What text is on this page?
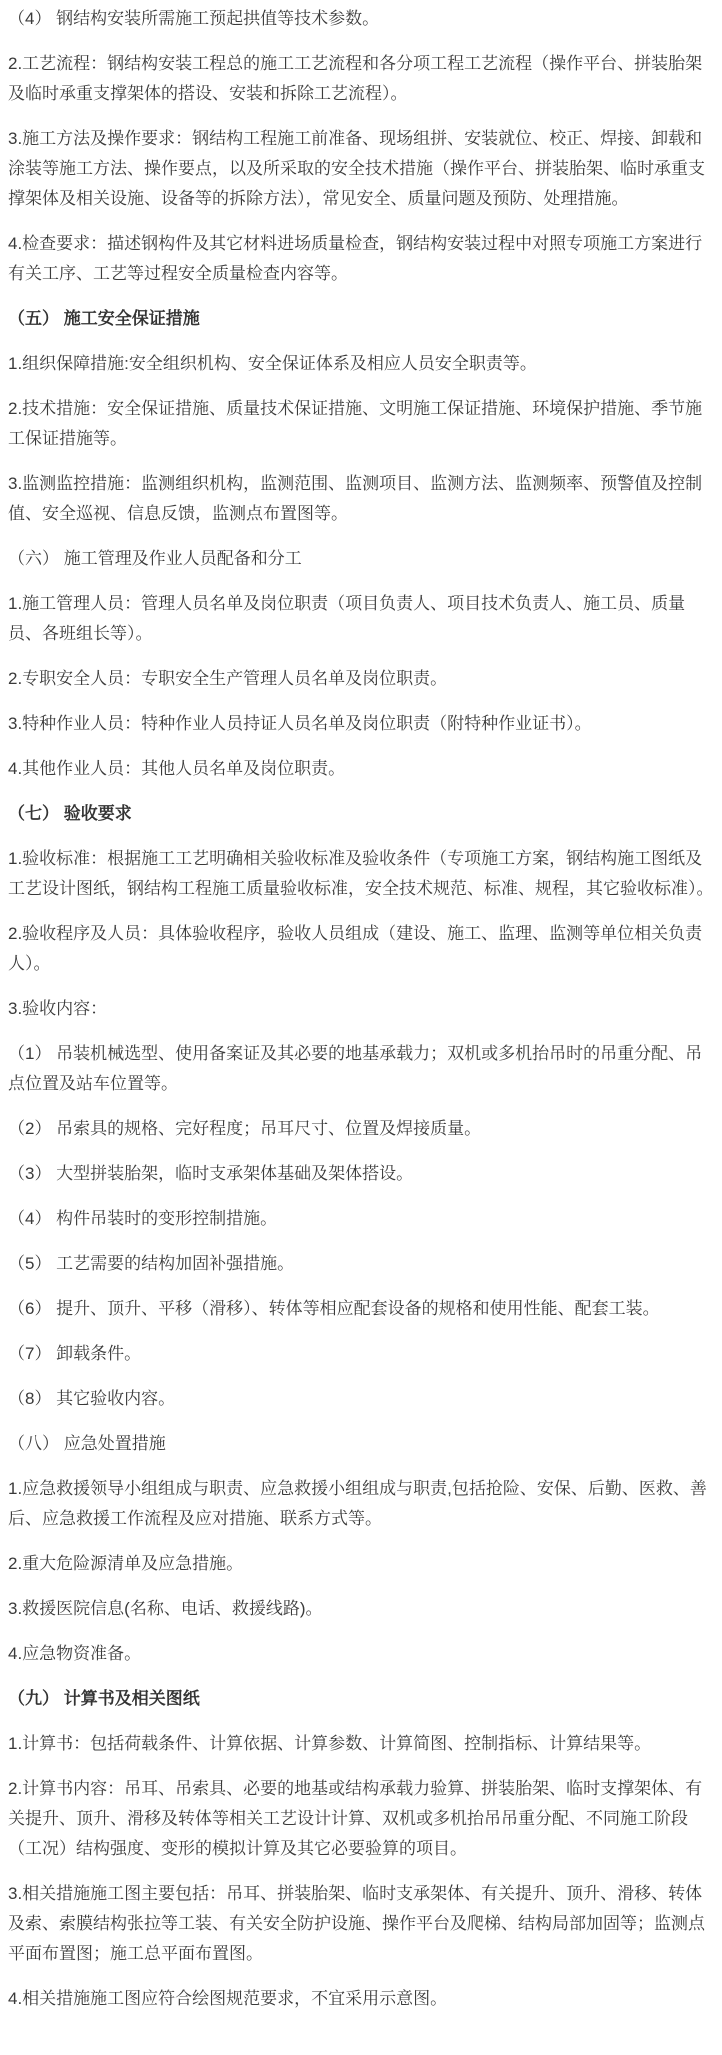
（4） 钢结构安装所需施工预起拱值等技术参数。

2.工艺流程：钢结构安装工程总的施工工艺流程和各分项工程工艺流程（操作平台、拼装胎架及临时承重支撑架体的搭设、安装和拆除工艺流程）。

3.施工方法及操作要求：钢结构工程施工前准备、现场组拼、安装就位、校正、焊接、卸载和涂装等施工方法、操作要点，以及所采取的安全技术措施（操作平台、拼装胎架、临时承重支撑架体及相关设施、设备等的拆除方法），常见安全、质量问题及预防、处理措施。

4.检查要求：描述钢构件及其它材料进场质量检查，钢结构安装过程中对照专项施工方案进行有关工序、工艺等过程安全质量检查内容等。

（五） 施工安全保证措施

1.组织保障措施:安全组织机构、安全保证体系及相应人员安全职责等。

2.技术措施：安全保证措施、质量技术保证措施、文明施工保证措施、环境保护措施、季节施工保证措施等。

3.监测监控措施：监测组织机构，监测范围、监测项目、监测方法、监测频率、预警值及控制值、安全巡视、信息反馈，监测点布置图等。

（六） 施工管理及作业人员配备和分工

1.施工管理人员：管理人员名单及岗位职责（项目负责人、项目技术负责人、施工员、质量员、各班组长等）。

2.专职安全人员：专职安全生产管理人员名单及岗位职责。

3.特种作业人员：特种作业人员持证人员名单及岗位职责（附特种作业证书）。

4.其他作业人员：其他人员名单及岗位职责。

（七） 验收要求

1.验收标准：根据施工工艺明确相关验收标准及验收条件（专项施工方案，钢结构施工图纸及工艺设计图纸，钢结构工程施工质量验收标准，安全技术规范、标准、规程，其它验收标准）。

2.验收程序及人员：具体验收程序，验收人员组成（建设、施工、监理、监测等单位相关负责人）。

3.验收内容：

（1） 吊装机械选型、使用备案证及其必要的地基承载力；双机或多机抬吊时的吊重分配、吊点位置及站车位置等。

（2） 吊索具的规格、完好程度；吊耳尺寸、位置及焊接质量。

（3） 大型拼装胎架，临时支承架体基础及架体搭设。

（4） 构件吊装时的变形控制措施。

（5） 工艺需要的结构加固补强措施。

（6） 提升、顶升、平移（滑移）、转体等相应配套设备的规格和使用性能、配套工装。

（7） 卸载条件。

（8） 其它验收内容。

（八） 应急处置措施

1.应急救援领导小组组成与职责、应急救援小组组成与职责,包括抢险、安保、后勤、医救、善后、应急救援工作流程及应对措施、联系方式等。

2.重大危险源清单及应急措施。

3.救援医院信息(名称、电话、救援线路)。

4.应急物资准备。

（九） 计算书及相关图纸

1.计算书：包括荷载条件、计算依据、计算参数、计算简图、控制指标、计算结果等。

2.计算书内容：吊耳、吊索具、必要的地基或结构承载力验算、拼装胎架、临时支撑架体、有关提升、顶升、滑移及转体等相关工艺设计计算、双机或多机抬吊吊重分配、不同施工阶段（工况）结构强度、变形的模拟计算及其它必要验算的项目。

3.相关措施施工图主要包括：吊耳、拼装胎架、临时支承架体、有关提升、顶升、滑移、转体及索、索膜结构张拉等工装、有关安全防护设施、操作平台及爬梯、结构局部加固等；监测点平面布置图；施工总平面布置图。

4.相关措施施工图应符合绘图规范要求，不宜采用示意图。
